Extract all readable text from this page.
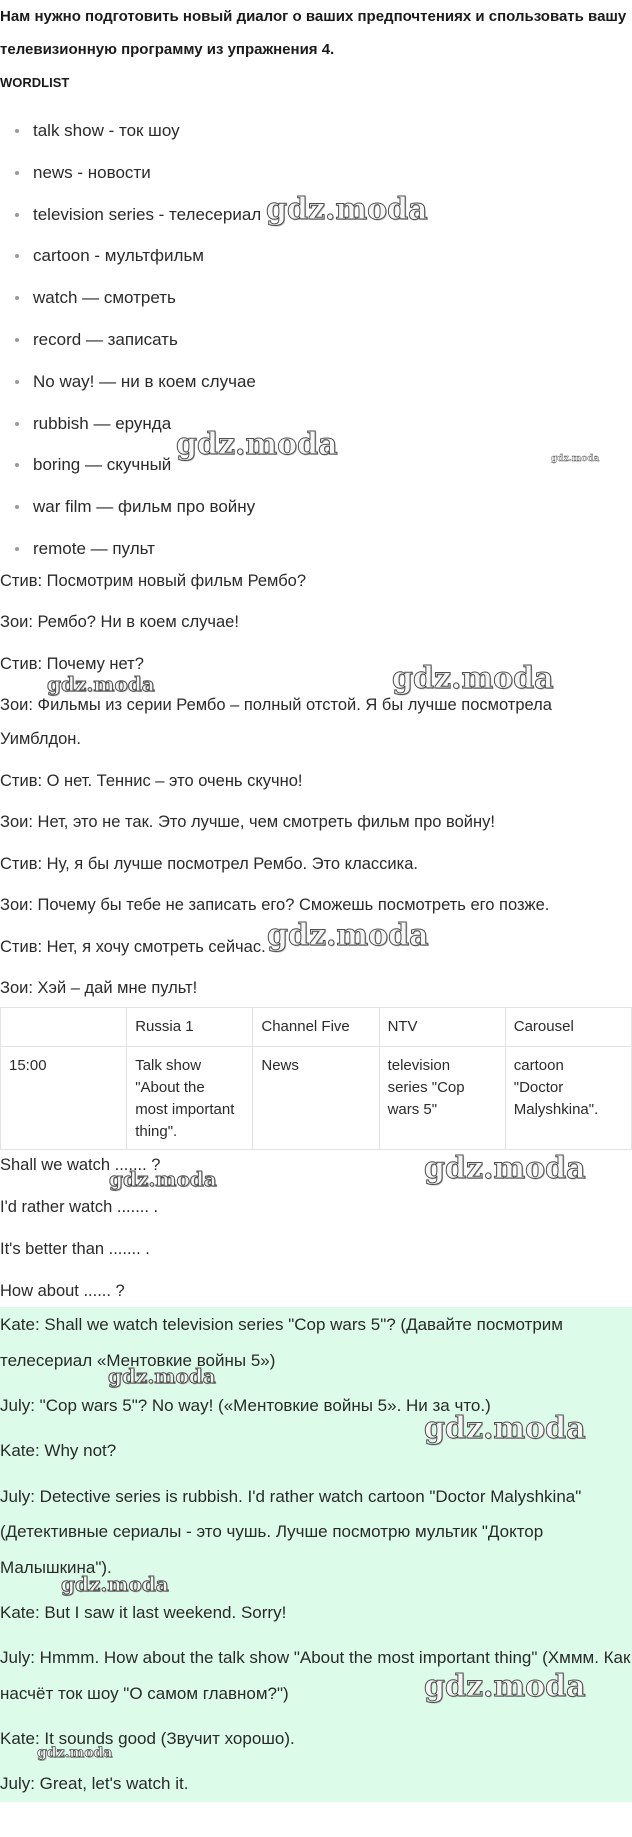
Нам нужно подготовить новый диалог о ваших предпочтениях и спользовать вашу телевизионную программу из упражнения 4.

WORDLIST
talk show - ток шоу
news - новости
television series - телесериал
cartoon - мультфильм
watch — смотреть
record — записать
No way! — ни в коем случае
rubbish — ерунда
boring — скучный
war film — фильм про войну
remote — пульт

Стив: Посмотрим новый фильм Рембо?

Зои: Рембо? Ни в коем случае!

Стив: Почему нет?

Зои: Фильмы из серии Рембо – полный отстой. Я бы лучше посмотрела Уимблдон.

Стив: О нет. Теннис – это очень скучно!

Зои: Нет, это не так. Это лучше, чем смотреть фильм про войну!

Стив: Ну, я бы лучше посмотрел Рембо. Это классика.

Зои: Почему бы тебе не записать его? Сможешь посмотреть его позже.

Стив: Нет, я хочу смотреть сейчас.

Зои: Хэй – дай мне пульт!

	Russia 1	Channel Five	NTV	Carousel
15:00	Talk show "About the most important thing".	News	television series "Cop wars 5"	cartoon "Doctor Malyshkina".

Shall we watch ....... ?

I'd rather watch ....... .

It's better than ....... .

How about ...... ?

Kate: Shall we watch television series "Cop wars 5"? (Давайте посмотрим телесериал «Ментовкие войны 5»)

July: "Cop wars 5"? No way! («Ментовкие войны 5». Ни за что.)

Kate: Why not?

July: Detective series is rubbish. I'd rather watch cartoon "Doctor Malyshkina" (Детективные сериалы - это чушь. Лучше посмотрю мультик "Доктор Малышкина").

Kate: But I saw it last weekend. Sorry!

July: Hmmm. How about the talk show "About the most important thing" (Хммм. Как насчёт ток шоу "О самом главном?")

Kate: It sounds good (Звучит хорошо).

July: Great, let's watch it.

gdz.moda
gdz.moda	gdz.moda
gdz.moda	gdz.moda
gdz.moda
gdz.moda
gdz.moda
gdz.moda
gdz.moda
gdz.moda
gdz.moda
gdz.moda
